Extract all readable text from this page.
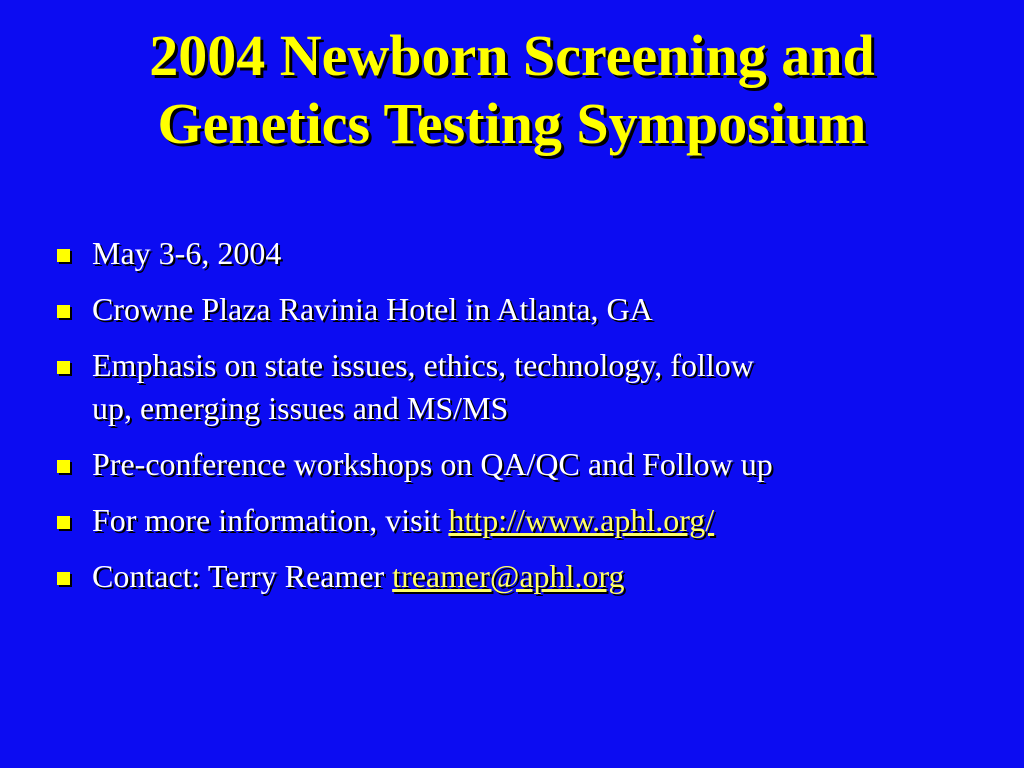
2004 Newborn Screening and
Genetics Testing Symposium
May 3-6, 2004
Crowne Plaza Ravinia Hotel in Atlanta, GA
Emphasis on state issues, ethics, technology, follow
up, emerging issues and MS/MS
Pre-conference workshops on QA/QC and Follow up
For more information, visit http://www.aphl.org/
Contact: Terry Reamer treamer@aphl.org
